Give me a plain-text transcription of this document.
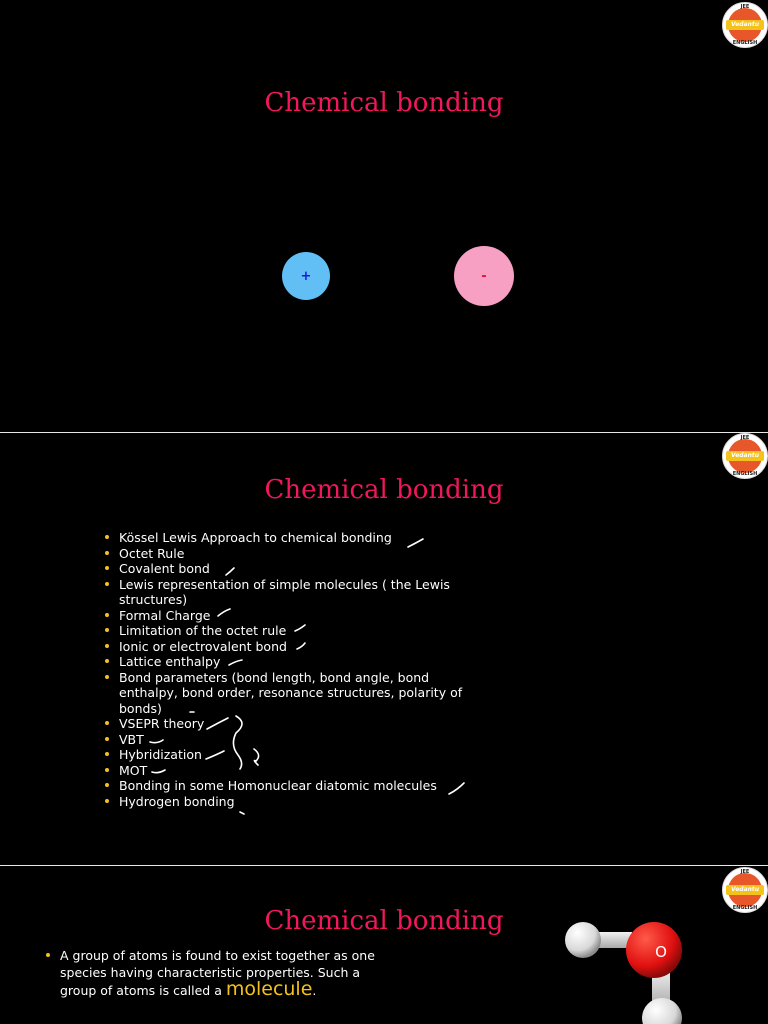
JEE
Vedantu
ENGLISH
Chemical bonding
+	-
JEE
Vedantu
ENGLISH
Chemical bonding
Kössel Lewis Approach to chemical bonding
Octet Rule
Covalent bond
Lewis representation of simple molecules ( the Lewis structures)
Formal Charge
Limitation of the octet rule
Ionic or electrovalent bond
Lattice enthalpy
Bond parameters (bond length, bond angle, bond enthalpy, bond order, resonance structures, polarity of bonds)
VSEPR theory
VBT
Hybridization
MOT
Bonding in some Homonuclear diatomic molecules
Hydrogen bonding
JEE
Vedantu
ENGLISH
Chemical bonding
A group of atoms is found to exist together as one species having characteristic properties. Such a group of atoms is called a molecule.
O
